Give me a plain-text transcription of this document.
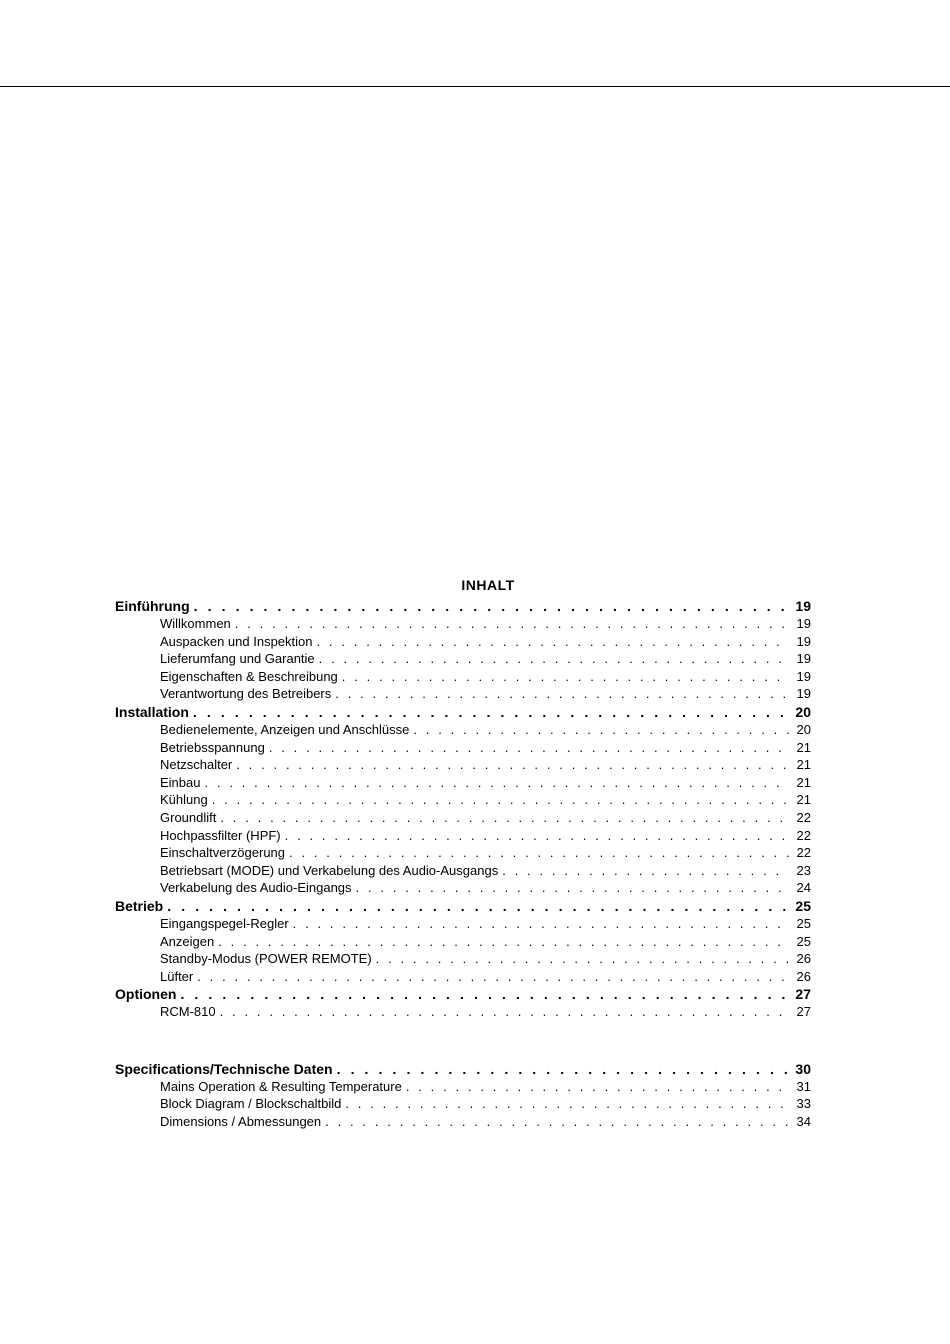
INHALT
Einführung . . .	19
Willkommen . . .	19
Auspacken und Inspektion . . .	19
Lieferumfang und Garantie . . .	19
Eigenschaften & Beschreibung . . .	19
Verantwortung des Betreibers . . .	19
Installation . . .	20
Bedienelemente, Anzeigen und Anschlüsse . . .	20
Betriebsspannung . . .	21
Netzschalter . . .	21
Einbau . . .	21
Kühlung . . .	21
Groundlift . . .	22
Hochpassfilter (HPF) . . .	22
Einschaltverzögerung . . .	22
Betriebsart (MODE) und Verkabelung des Audio-Ausgangs . . .	23
Verkabelung des Audio-Eingangs . . .	24
Betrieb . . .	25
Eingangspegel-Regler . . .	25
Anzeigen . . .	25
Standby-Modus (POWER REMOTE) . . .	26
Lüfter . . .	26
Optionen . . .	27
RCM-810 . . .	27
Specifications/Technische Daten . . .	30
Mains Operation & Resulting Temperature . . .	31
Block Diagram / Blockschaltbild . . .	33
Dimensions / Abmessungen . . .	34
